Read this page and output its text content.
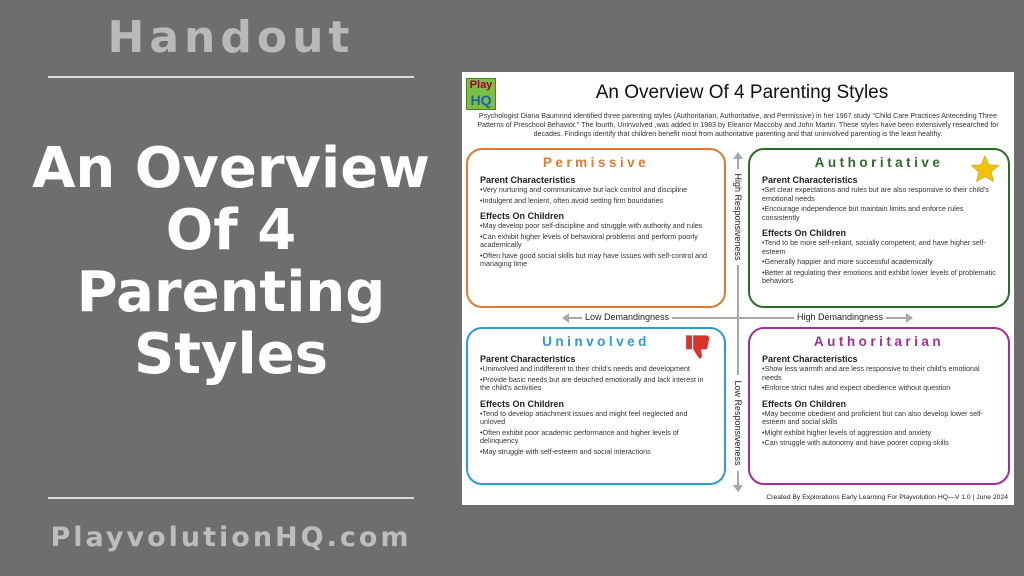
Handout
An Overview
Of 4
Parenting
Styles
PlayvolutionHQ.com
Play
HQ	An Overview Of 4 Parenting Styles
Psychologist Diana Baumrind identified three parenting styles (Authoritarian, Authoritative, and Permissive) in her 1967 study "Child Care Practices Anteceding Three Patterns of Preschool Behavior." The fourth, Uninvolved ,was added in 1983 by Eleanor Maccoby and John Martin. These styles have been extensively researched for decades. Findings identify that children benefit most from authoritative parenting and that uninvolved parenting is the least healthy.
Permissive
Parent Characteristics
•Very nurturing and communicative but lack control and discipline
•Indulgent and lenient, often avoid setting firm boundaries
Effects On Children
•May develop poor self-discipline and struggle with authority and rules
•Can exhibit higher levels of behavioral problems and perform poorly academically
•Often have good social skills but may have issues with self-control and managing time
Authoritative
Parent Characteristics
•Set clear expectations and rules but are also responsive to their child's emotional needs
•Encourage independence but maintain limits and enforce rules consistently
Effects On Children
•Tend to be more self-reliant, socially competent, and have higher self-esteem
•Generally happier and more successful academically
•Better at regulating their emotions and exhibit lower levels of problematic behaviors
Uninvolved
Parent Characteristics
•Uninvolved and indifferent to their child's needs and development
•Provide basic needs but are detached emotionally and lack interest in the child's activities
Effects On Children
•Tend to develop attachment issues and might feel neglected and unloved
•Often exhibit poor academic performance and higher levels of delinquency
•May struggle with self-esteem and social interactions
Authoritarian
Parent Characteristics
•Show less warmth and are less responsive to their child's emotional needs
•Enforce strict rules and expect obedience without question
Effects On Children
•May become obedient and proficient but can also develop lower self-esteem and social skills
•Might exhibit higher levels of aggression and anxiety
•Can struggle with autonomy and have poorer coping skills
Low Demandingness	High Demandingness
High Responsiveness
Low Responsiveness
Created By Explorations Early Learning For Playvolution HQ—V 1.0 | June 2024
